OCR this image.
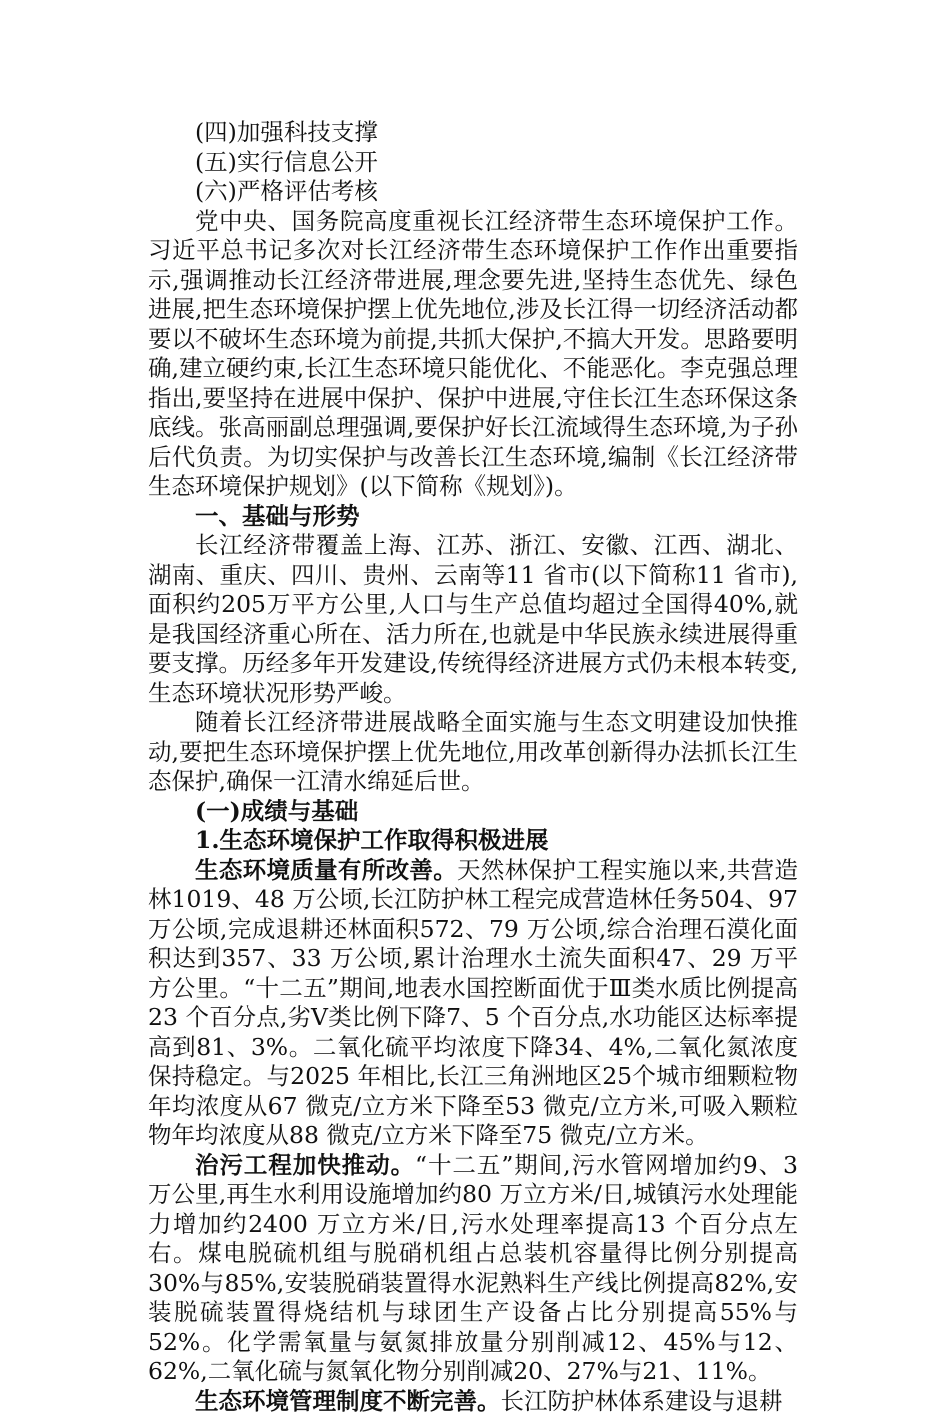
(四)加强科技支撑

(五)实行信息公开

(六)严格评估考核

党中央、国务院高度重视长江经济带生态环境保护工作。习近平总书记多次对长江经济带生态环境保护工作作出重要指示,强调推动长江经济带进展,理念要先进,坚持生态优先、绿色进展,把生态环境保护摆上优先地位,涉及长江得一切经济活动都要以不破坏生态环境为前提,共抓大保护,不搞大开发。思路要明确,建立硬约束,长江生态环境只能优化、不能恶化。李克强总理指出,要坚持在进展中保护、保护中进展,守住长江生态环保这条底线。张高丽副总理强调,要保护好长江流域得生态环境,为子孙后代负责。为切实保护与改善长江生态环境,编制《长江经济带生态环境保护规划》(以下简称《规划》)。

一、基础与形势

长江经济带覆盖上海、江苏、浙江、安徽、江西、湖北、湖南、重庆、四川、贵州、云南等11 省市(以下简称11 省市),面积约205万平方公里,人口与生产总值均超过全国得40%,就是我国经济重心所在、活力所在,也就是中华民族永续进展得重要支撑。历经多年开发建设,传统得经济进展方式仍未根本转变,生态环境状况形势严峻。

随着长江经济带进展战略全面实施与生态文明建设加快推动,要把生态环境保护摆上优先地位,用改革创新得办法抓长江生态保护,确保一江清水绵延后世。

(一)成绩与基础

1.生态环境保护工作取得积极进展

生态环境质量有所改善。天然林保护工程实施以来,共营造林1019、48 万公顷,长江防护林工程完成营造林任务504、97 万公顷,完成退耕还林面积572、79 万公顷,综合治理石漠化面积达到357、33 万公顷,累计治理水土流失面积47、29 万平方公里。“十二五”期间,地表水国控断面优于Ⅲ类水质比例提高23 个百分点,劣Ⅴ类比例下降7、5 个百分点,水功能区达标率提高到81、3%。二氧化硫平均浓度下降34、4%,二氧化氮浓度保持稳定。与2025 年相比,长江三角洲地区25个城市细颗粒物年均浓度从67 微克/立方米下降至53 微克/立方米,可吸入颗粒物年均浓度从88 微克/立方米下降至75 微克/立方米。

治污工程加快推动。“十二五”期间,污水管网增加约9、3 万公里,再生水利用设施增加约80 万立方米/日,城镇污水处理能力增加约2400 万立方米/日,污水处理率提高13 个百分点左右。煤电脱硫机组与脱硝机组占总装机容量得比例分别提高30%与85%,安装脱硝装置得水泥熟料生产线比例提高82%,安装脱硫装置得烧结机与球团生产设备占比分别提高55%与52%。化学需氧量与氨氮排放量分别削减12、45%与12、62%,二氧化硫与氮氧化物分别削减20、27%与21、11%。

生态环境管理制度不断完善。长江防护林体系建设与退耕
